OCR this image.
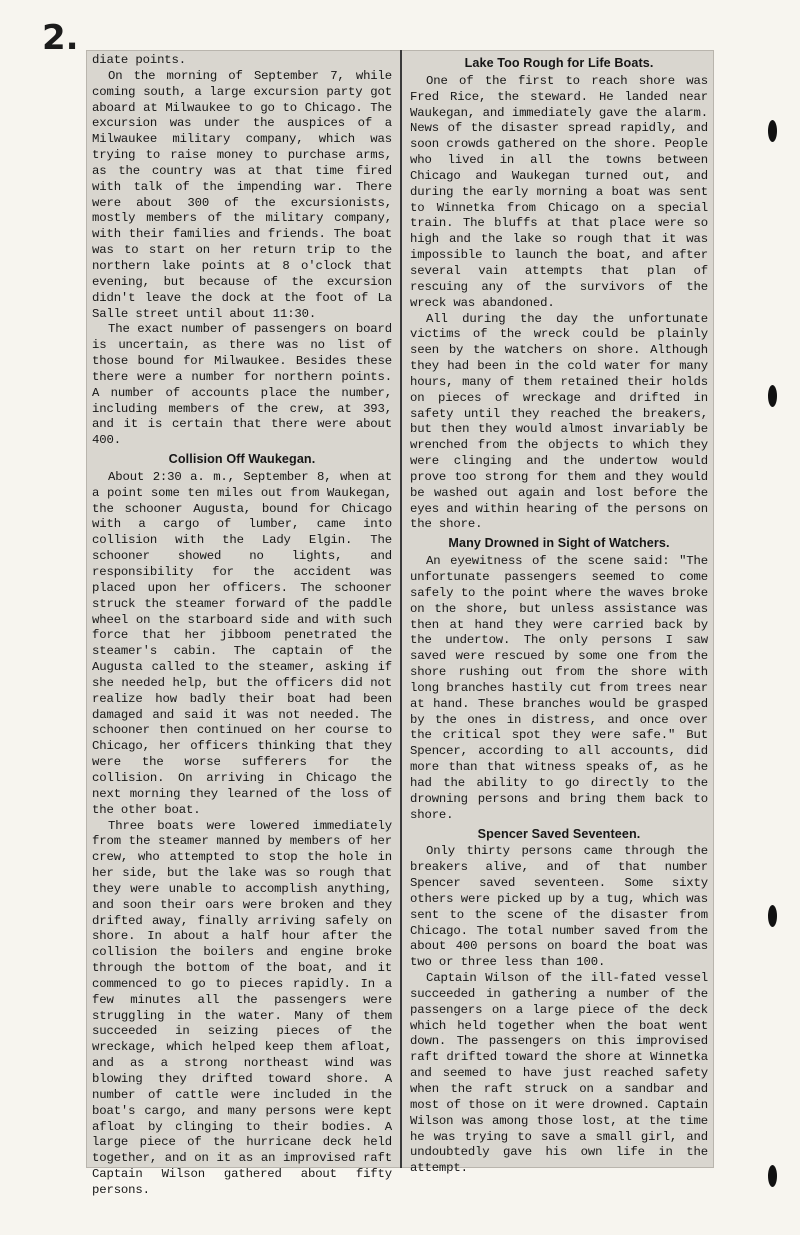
2.

diate points.

On the morning of September 7, while coming south, a large excursion party got aboard at Milwaukee to go to Chicago. The excursion was under the auspices of a Milwaukee military company, which was trying to raise money to purchase arms, as the country was at that time fired with talk of the impending war. There were about 300 of the excursionists, mostly members of the military company, with their families and friends. The boat was to start on her return trip to the northern lake points at 8 o'clock that evening, but because of the excursion didn't leave the dock at the foot of La Salle street until about 11:30.

The exact number of passengers on board is uncertain, as there was no list of those bound for Milwaukee. Besides these there were a number for northern points. A number of accounts place the number, including members of the crew, at 393, and it is certain that there were about 400.

Collision Off Waukegan.

About 2:30 a. m., September 8, when at a point some ten miles out from Waukegan, the schooner Augusta, bound for Chicago with a cargo of lumber, came into collision with the Lady Elgin. The schooner showed no lights, and responsibility for the accident was placed upon her officers. The schooner struck the steamer forward of the paddle wheel on the starboard side and with such force that her jibboom penetrated the steamer's cabin. The captain of the Augusta called to the steamer, asking if she needed help, but the officers did not realize how badly their boat had been damaged and said it was not needed. The schooner then continued on her course to Chicago, her officers thinking that they were the worse sufferers for the collision. On arriving in Chicago the next morning they learned of the loss of the other boat.

Three boats were lowered immediately from the steamer manned by members of her crew, who attempted to stop the hole in her side, but the lake was so rough that they were unable to accomplish anything, and soon their oars were broken and they drifted away, finally arriving safely on shore. In about a half hour after the collision the boilers and engine broke through the bottom of the boat, and it commenced to go to pieces rapidly. In a few minutes all the passengers were struggling in the water. Many of them succeeded in seizing pieces of the wreckage, which helped keep them afloat, and as a strong northeast wind was blowing they drifted toward shore. A number of cattle were included in the boat's cargo, and many persons were kept afloat by clinging to their bodies. A large piece of the hurricane deck held together, and on it as an improvised raft Captain Wilson gathered about fifty persons.

Lake Too Rough for Life Boats.

One of the first to reach shore was Fred Rice, the steward. He landed near Waukegan, and immediately gave the alarm. News of the disaster spread rapidly, and soon crowds gathered on the shore. People who lived in all the towns between Chicago and Waukegan turned out, and during the early morning a boat was sent to Winnetka from Chicago on a special train. The bluffs at that place were so high and the lake so rough that it was impossible to launch the boat, and after several vain attempts that plan of rescuing any of the survivors of the wreck was abandoned.

All during the day the unfortunate victims of the wreck could be plainly seen by the watchers on shore. Although they had been in the cold water for many hours, many of them retained their holds on pieces of wreckage and drifted in safety until they reached the breakers, but then they would almost invariably be wrenched from the objects to which they were clinging and the undertow would prove too strong for them and they would be washed out again and lost before the eyes and within hearing of the persons on the shore.

Many Drowned in Sight of Watchers.

An eyewitness of the scene said: "The unfortunate passengers seemed to come safely to the point where the waves broke on the shore, but unless assistance was then at hand they were carried back by the undertow. The only persons I saw saved were rescued by some one from the shore rushing out from the shore with long branches hastily cut from trees near at hand. These branches would be grasped by the ones in distress, and once over the critical spot they were safe." But Spencer, according to all accounts, did more than that witness speaks of, as he had the ability to go directly to the drowning persons and bring them back to shore.

Spencer Saved Seventeen.

Only thirty persons came through the breakers alive, and of that number Spencer saved seventeen. Some sixty others were picked up by a tug, which was sent to the scene of the disaster from Chicago. The total number saved from the about 400 persons on board the boat was two or three less than 100.

Captain Wilson of the ill-fated vessel succeeded in gathering a number of the passengers on a large piece of the deck which held together when the boat went down. The passengers on this improvised raft drifted toward the shore at Winnetka and seemed to have just reached safety when the raft struck on a sandbar and most of those on it were drowned. Captain Wilson was among those lost, at the time he was trying to save a small girl, and undoubtedly gave his own life in the attempt.
